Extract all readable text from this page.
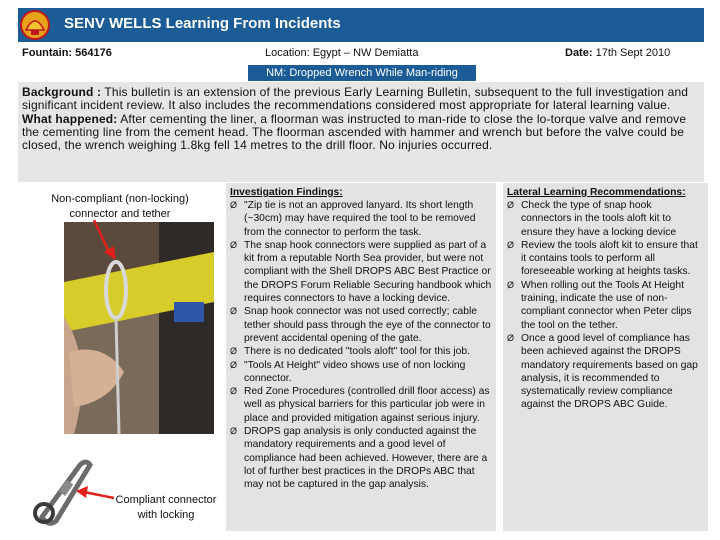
SENV WELLS Learning From Incidents
Fountain: 564176	Location: Egypt – NW Demiatta	Date: 17th Sept 2010
NM: Dropped Wrench While Man-riding
Background : This bulletin is an extension of the previous Early Learning Bulletin, subsequent to the full investigation and significant incident review. It also includes the recommendations considered most appropriate for lateral learning value.
What happened: After cementing the liner, a floorman was instructed to man-ride to close the lo-torque valve and remove the cementing line from the cement head. The floorman ascended with hammer and wrench but before the valve could be closed, the wrench weighing 1.8kg fell 14 metres to the drill floor. No injuries occurred.
Non-compliant (non-locking) connector and tether
Compliant connector with locking
Investigation Findings:
Ø "Zip tie is not an approved lanyard. Its short length (~30cm) may have required the tool to be removed from the connector to perform the task.
Ø The snap hook connectors were supplied as part of a kit from a reputable North Sea provider, but were not compliant with the Shell DROPS ABC Best Practice or the DROPS Forum Reliable Securing handbook which requires connectors to have a locking device.
Ø Snap hook connector was not used correctly; cable tether should pass through the eye of the connector to prevent accidental opening of the gate.
Ø There is no dedicated "tools aloft" tool for this job.
Ø "Tools At Height" video shows use of non locking connector.
Ø Red Zone Procedures (controlled drill floor access) as well as physical barriers for this particular job were in place and provided mitigation against serious injury.
Ø DROPS gap analysis is only conducted against the mandatory requirements and a good level of compliance had been achieved. However, there are a lot of further best practices in the DROPs ABC that may not be captured in the gap analysis.
Lateral Learning Recommendations:
Ø Check the type of snap hook connectors in the tools aloft kit to ensure they have a locking device
Ø Review the tools aloft kit to ensure that it contains tools to perform all foreseeable working at heights tasks.
Ø When rolling out the Tools At Height training, indicate the use of non-compliant connector when Peter clips the tool on the tether.
Ø Once a good level of compliance has been achieved against the DROPS mandatory requirements based on gap analysis, it is recommended to systematically review compliance against the DROPS ABC Guide.
